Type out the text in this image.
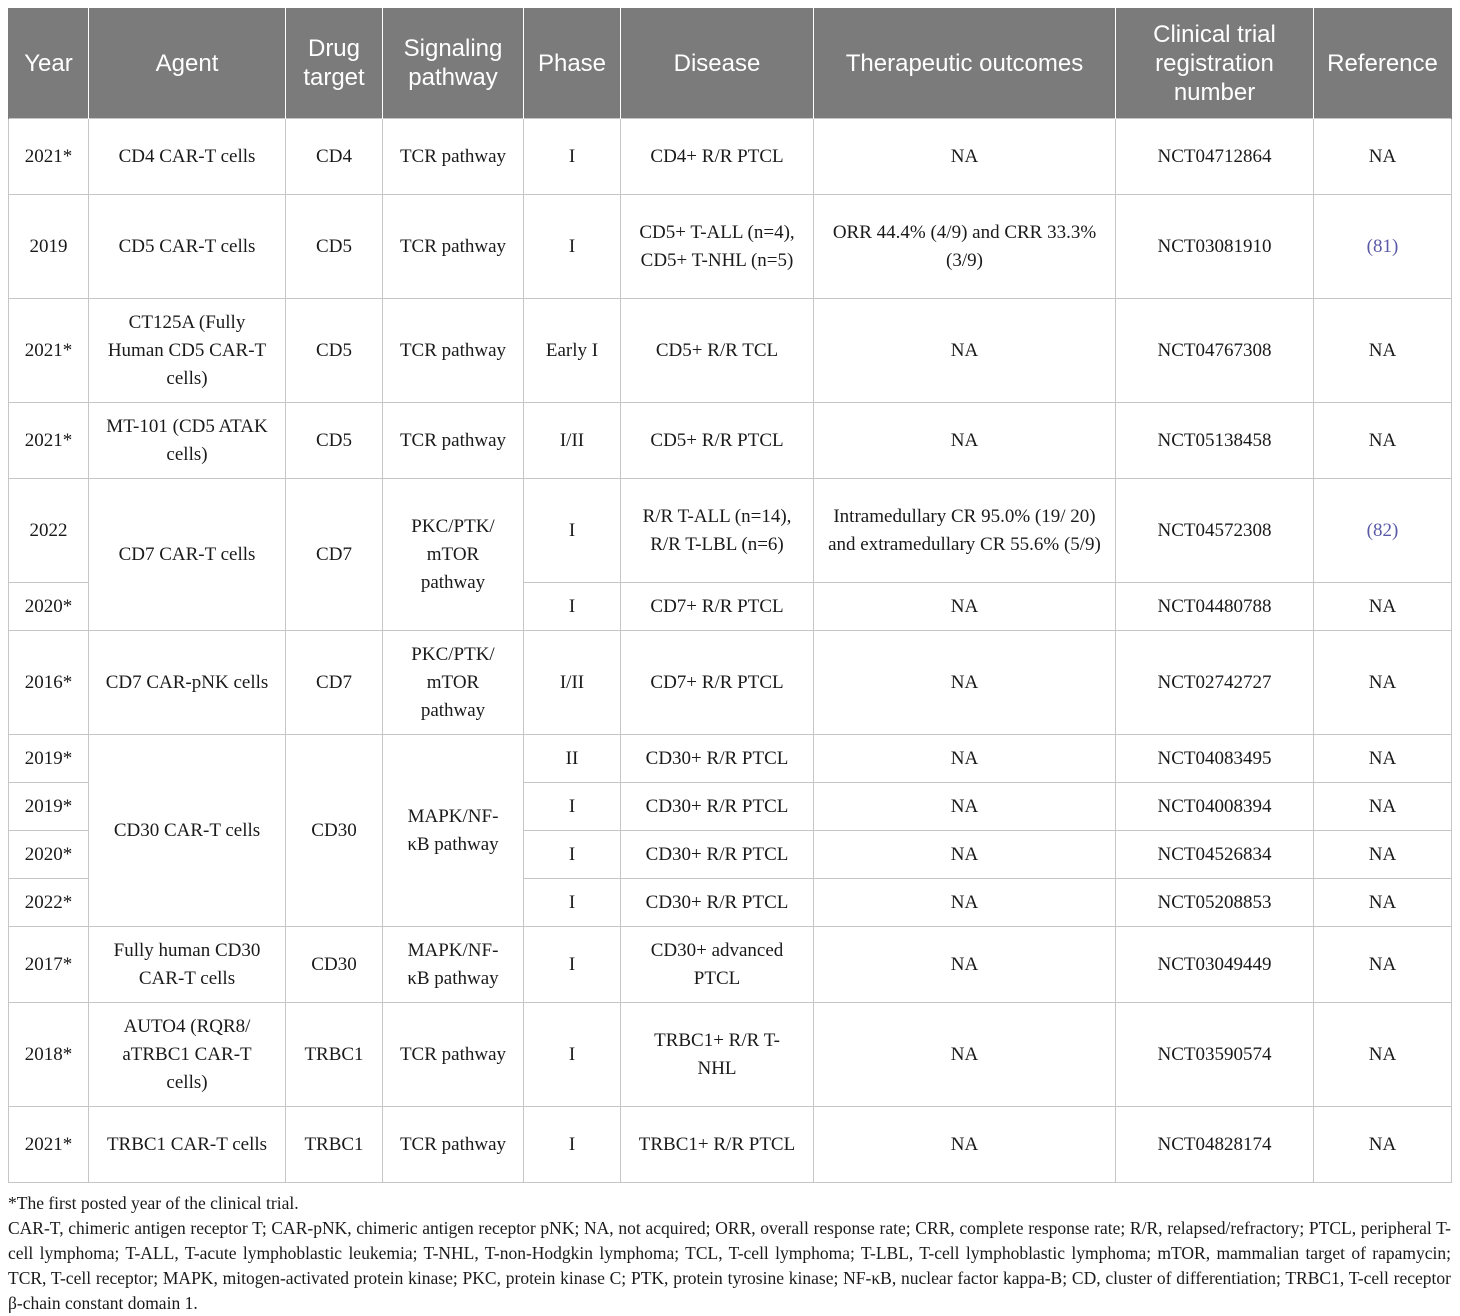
Year	Agent	Drug target	Signaling pathway	Phase	Disease	Therapeutic outcomes	Clinical trial registration number	Reference
2021*	CD4 CAR-T cells	CD4	TCR pathway	I	CD4+ R/R PTCL	NA	NCT04712864	NA
2019	CD5 CAR-T cells	CD5	TCR pathway	I	CD5+ T-ALL (n=4), CD5+ T-NHL (n=5)	ORR 44.4% (4/9) and CRR 33.3% (3/9)	NCT03081910	(81)
2021*	CT125A (Fully Human CD5 CAR-T cells)	CD5	TCR pathway	Early I	CD5+ R/R TCL	NA	NCT04767308	NA
2021*	MT-101 (CD5 ATAK cells)	CD5	TCR pathway	I/II	CD5+ R/R PTCL	NA	NCT05138458	NA
2022	CD7 CAR-T cells	CD7	PKC/PTK/ mTOR pathway	I	R/R T-ALL (n=14), R/R T-LBL (n=6)	Intramedullary CR 95.0% (19/ 20) and extramedullary CR 55.6% (5/9)	NCT04572308	(82)
2020*				I	CD7+ R/R PTCL	NA	NCT04480788	NA
2016*	CD7 CAR-pNK cells	CD7	PKC/PTK/ mTOR pathway	I/II	CD7+ R/R PTCL	NA	NCT02742727	NA
2019*	CD30 CAR-T cells	CD30	MAPK/NF-κB pathway	II	CD30+ R/R PTCL	NA	NCT04083495	NA
2019*				I	CD30+ R/R PTCL	NA	NCT04008394	NA
2020*				I	CD30+ R/R PTCL	NA	NCT04526834	NA
2022*				I	CD30+ R/R PTCL	NA	NCT05208853	NA
2017*	Fully human CD30 CAR-T cells	CD30	MAPK/NF-κB pathway	I	CD30+ advanced PTCL	NA	NCT03049449	NA
2018*	AUTO4 (RQR8/ aTRBC1 CAR-T cells)	TRBC1	TCR pathway	I	TRBC1+ R/R T-NHL	NA	NCT03590574	NA
2021*	TRBC1 CAR-T cells	TRBC1	TCR pathway	I	TRBC1+ R/R PTCL	NA	NCT04828174	NA

*The first posted year of the clinical trial.

CAR-T, chimeric antigen receptor T; CAR-pNK, chimeric antigen receptor pNK; NA, not acquired; ORR, overall response rate; CRR, complete response rate; R/R, relapsed/refractory; PTCL, peripheral T-cell lymphoma; T-ALL, T-acute lymphoblastic leukemia; T-NHL, T-non-Hodgkin lymphoma; TCL, T-cell lymphoma; T-LBL, T-cell lymphoblastic lymphoma; mTOR, mammalian target of rapamycin; TCR, T-cell receptor; MAPK, mitogen-activated protein kinase; PKC, protein kinase C; PTK, protein tyrosine kinase; NF-κB, nuclear factor kappa-B; CD, cluster of differentiation; TRBC1, T-cell receptor β-chain constant domain 1.
